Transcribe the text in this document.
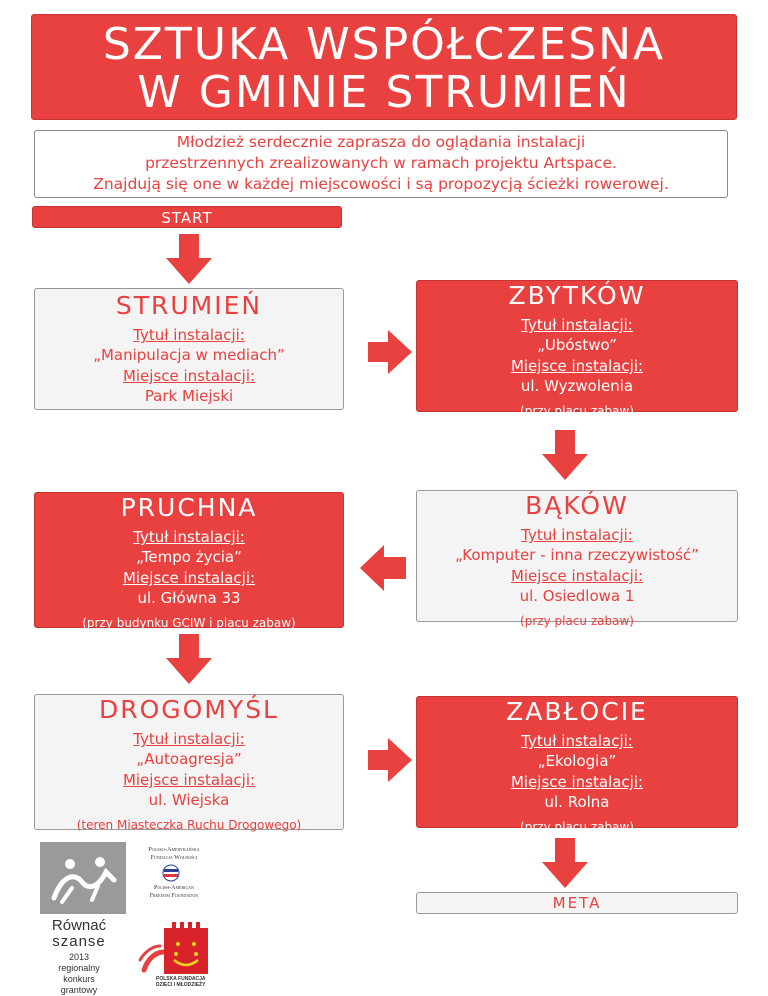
SZTUKA WSPÓŁCZESNA
W GMINIE STRUMIEŃ
Młodzież serdecznie zaprasza do oglądania instalacji
przestrzennych zrealizowanych w ramach projektu Artspace.
Znajdują się one w każdej miejscowości i są propozycją ścieżki rowerowej.
START
STRUMIEŃ
Tytuł instalacji:
„Manipulacja w mediach”
Miejsce instalacji:
Park Miejski
ZBYTKÓW
Tytuł instalacji:
„Ubóstwo”
Miejsce instalacji:
ul. Wyzwolenia
(przy placu zabaw)
PRUCHNA
Tytuł instalacji:
„Tempo życia”
Miejsce instalacji:
ul. Główna 33
(przy budynku GCIW i placu zabaw)
BĄKÓW
Tytuł instalacji:
„Komputer - inna rzeczywistość”
Miejsce instalacji:
ul. Osiedlowa 1
(przy placu zabaw)
DROGOMYŚL
Tytuł instalacji:
„Autoagresja”
Miejsce instalacji:
ul. Wiejska
(teren Miasteczka Ruchu Drogowego)
ZABŁOCIE
Tytuł instalacji:
„Ekologia”
Miejsce instalacji:
ul. Rolna
(przy placu zabaw)
META
Równać
szanse
2013
regionalny
konkurs
grantowy
Polsko-Amerykańska
Fundacja Wolności
Polish-American
Freedom Foundation
POLSKA FUNDACJA
DZIECI I MŁODZIEŻY
